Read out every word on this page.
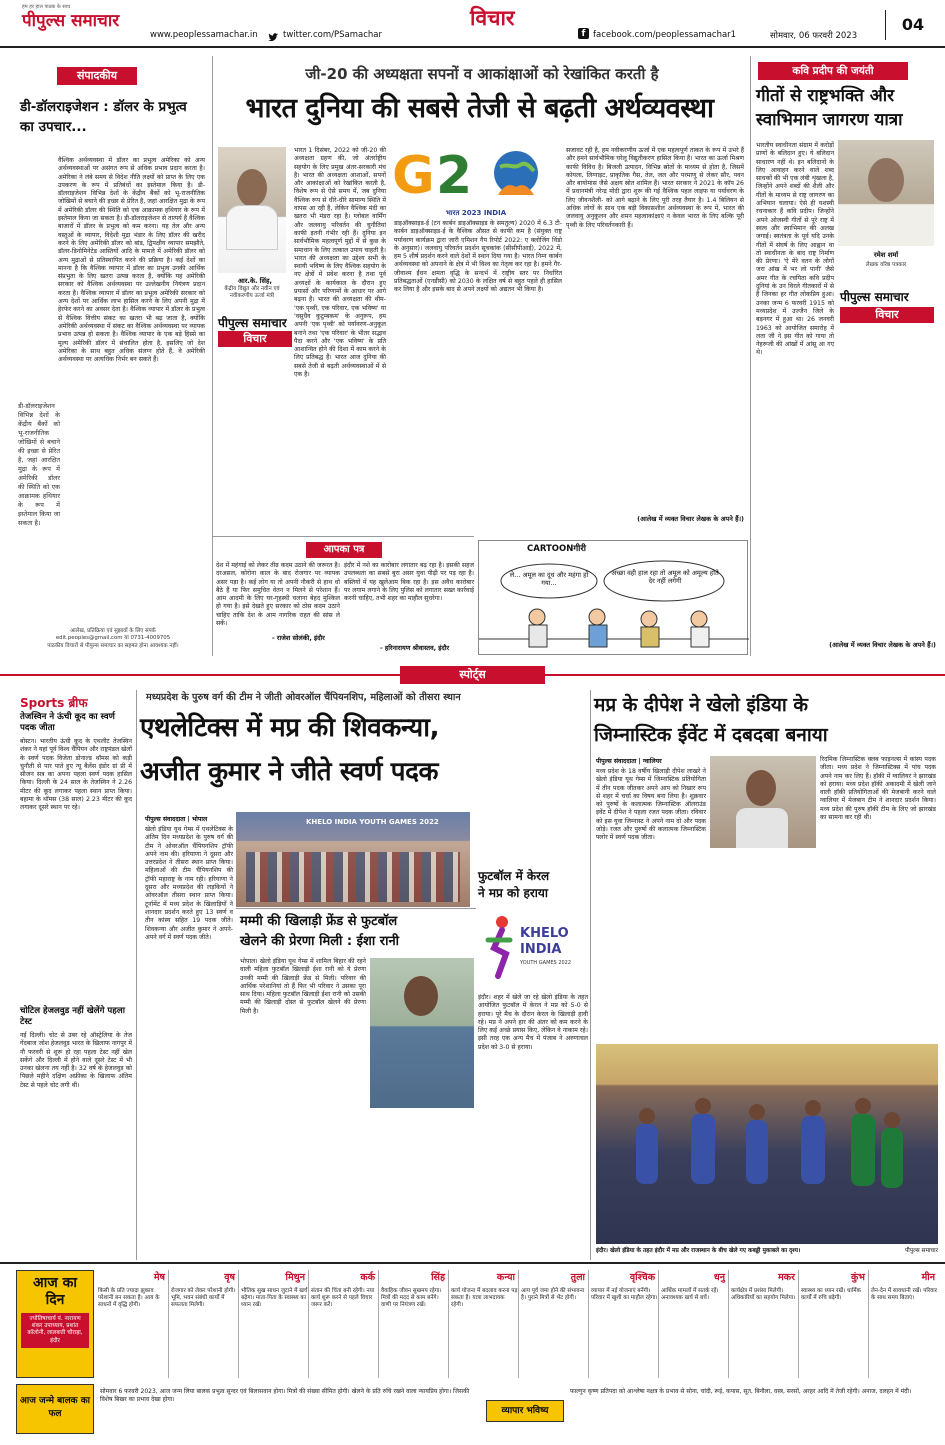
हम हर हाल पाठक के साथ
पीपुल्स समाचार
www.peoplessamachar.in	twitter.com/PSamachar
विचार
f facebook.com/peoplessamachar1	सोमवार, 06 फरवरी 2023
04
संपादकीय
डी-डॉलराइजेशन : डॉलर के प्रभुत्व का उपचार...
वैश्विक अर्थव्यवस्था में डॉलर का प्रभुत्व अमेरिका को अन्य अर्थव्यवस्थाओं पर असंगत रूप से अधिक प्रभाव प्रदान करता है। अमेरिका ने लंबे समय से विदेश नीति लक्ष्यों को प्राप्त के लिए एक उपकरण के रूप में प्रतिबंधों का इस्तेमाल किया है। डी-डॉलराइजेशन विभिन्न देशों के केंद्रीय बैंकों को भू-राजनीतिक जोखिमों से बचाने की इच्छा से प्रेरित है, जहां आरक्षित मुद्रा के रूप में अमेरिकी डॉलर की स्थिति को एक आक्रामक हथियार के रूप में इस्तेमाल किया जा सकता है। डी-डॉलराइजेशन से तात्पर्य है वैश्विक बाजारों में डॉलर के प्रभुत्व को कम करना। यह तेल और अन्य वस्तुओं के व्यापार, विदेशी मुद्रा भंडार के लिए डॉलर की खरीद करने के लिए अमेरिकी डॉलर को बांड, द्विपक्षीय व्यापार समझौते, डॉलर-डिनोमिनेटेड आस्तियों आदि के मामले में अमेरिकी डॉलर को अन्य मुद्राओं से प्रतिस्थापित करने की प्रक्रिया है। कई देशों का मानना है कि वैश्विक व्यापार में डॉलर का प्रभुत्व उनकी आर्थिक संप्रभुता के लिए खतरा उत्पन्न करता है, क्योंकि यह अमेरिकी सरकार को वैश्विक अर्थव्यवस्था पर उल्लेखनीय नियंत्रण प्रदान करता है। वैश्विक व्यापार में डॉलर का प्रभुत्व अमेरिकी सरकार को अन्य देशों पर आर्थिक लाभ हासिल करने के लिए अपनी मुद्रा में हेरफेर करने का अवसर देता है। वैश्विक व्यापार में डॉलर के प्रभुत्व से वैश्विक वित्तीय संकट का खतरा भी बढ़ जाता है, क्योंकि अमेरिकी अर्थव्यवस्था में संकट का वैश्विक अर्थव्यवस्था पर व्यापक प्रभाव उत्पन्न हो सकता है। वैश्विक व्यापार के एक बड़े हिस्से का मूल्य अमेरिकी डॉलर में संचालित होता है, इसलिए जो देश अमेरिका के साथ बहुत अधिक संलग्न होते हैं, वे अमेरिकी अर्थव्यवस्था पर अत्यधिक निर्भर बन सकते हैं।
डी-डॉलराइजेशन विभिन्न देशों के केंद्रीय बैंकों को भू-राजनीतिक जोखिमों से बचाने की इच्छा से प्रेरित है, जहां आरक्षित मुद्रा के रूप में अमेरिकी डॉलर की स्थिति को एक आक्रामक हथियार के रूप में इस्तेमाल किया जा सकता है।
आलेख, प्रतिक्रिया एवं सुझावों के लिए संपर्क
edit.peoples@gmail.com या 0731-4009705
पाठकीय विचारों से पीपुल्स समाचार का सहमत होना आवश्यक नहीं।
जी-20 की अध्यक्षता सपनों व आकांक्षाओं को रेखांकित करती है
भारत दुनिया की सबसे तेजी से बढ़ती अर्थव्यवस्था
आर.के. सिंह,
केंद्रीय विद्युत और नवीन एवं नवीकरणीय ऊर्जा मंत्री
पीपुल्स समाचार
विचार
भारत 1 दिसंबर, 2022 को जी-20 की अध्यक्षता ग्रहण की, जो अंतर्राष्ट्रीय सहयोग के लिए प्रमुख अंतर-सरकारी मंच है। भारत की अध्यक्षता आशाओं, सपनों और आकांक्षाओं को रेखांकित करती है, विशेष रूप से ऐसे समय में, जब दुनिया वैश्विक रूप से धीरे-धीरे सामान्य स्थिति में वापस आ रही है, लेकिन वैश्विक मंदी का खतरा भी मंडरा रहा है। ग्लोबल वार्मिंग और जलवायु परिवर्तन की चुनौतियां काफी इतनी गंभीर रही हैं। दुनिया इन सार्वभौमिक महत्वपूर्ण मुद्दों में से कुछ के समाधान के लिए तत्काल उपाय चाहती है। भारत की अध्यक्षता का उद्देश्य सभी के स्थायी भविष्य के लिए वैश्विक सहयोग के नए क्षेत्रों में प्रवेश करना है तथा पूर्व अध्यक्षों के कार्यकाल के दौरान हुए प्रयासों और परिणामों के आधार पर आगे बढ़ना है। भारत की अध्यक्षता की थीम- 'एक पृथ्वी, एक परिवार, एक भविष्य' या 'वसुधैव कुटुम्बकम' के अनुरूप, हम अपनी 'एक पृथ्वी' को पर्यावरण-अनुकूल बनाने तथा 'एक परिवार' के भीतर सद्भाव पैदा करने और 'एक भविष्य' के प्रति आशान्वित होने की दिशा में काम करने के लिए प्रतिबद्ध हैं। भारत आज दुनिया की सबसे तेजी से बढ़ती अर्थव्यवस्थाओं में से एक है।
G 2
भारत 2023 INDIA
डाइऑक्साइड-ई (टन कार्बन डाइऑक्साइड के समतुल्य) 2020 में 6.3 टी-कार्बन डाइऑक्साइड-ई के वैश्विक औसत से काफी कम है (संयुक्त राष्ट्र पर्यावरण कार्यक्रम द्वारा जारी एमिशन गैप रिपोर्ट 2022: ए क्लोजिंग विंडो के अनुसार)। जलवायु परिवर्तन प्रदर्शन सूचकांक (सीसीपीआई), 2022 में, हम 5 शीर्ष प्रदर्शन करने वाले देशों में स्थान दिया गया है। भारत निम्न कार्बन अर्थव्यवस्था को अपनाने के क्षेत्र में भी विश्व का नेतृत्व कर रहा है। हमने गैर-जीवाश्म ईंधन क्षमता वृद्धि के सन्दर्भ में राष्ट्रीय स्तर पर निर्धारित प्रतिबद्धताओं (एनडीसी) को 2030 के लक्षित वर्ष से बहुत पहले ही हासिल कर लिया है और इसके बाद से अपने लक्ष्यों को अद्यतन भी किया है।
सजावट रही है, हम नवीकरणीय ऊर्जा में एक महत्वपूर्ण ताकत के रूप में उभरे हैं और हमने सार्वभौमिक घरेलू विद्युतीकरण हासिल किया है। भारत का ऊर्जा मिश्रण काफी विविध है। बिजली उत्पादन, विभिन्न स्रोतों के माध्यम से होता है, जिसमें कोयला, लिग्नाइट, प्राकृतिक गैस, तेल, जल और परमाणु से लेकर सौर, पवन और बायोमास जैसे अक्षय स्रोत शामिल हैं। भारत सरकार ने 2021 के कॉप 26 में प्रधानमंत्री नरेन्द्र मोदी द्वारा शुरू की गई वैश्विक पहल लाइफ या पर्यावरण के लिए जीवनशैली- को आगे बढ़ाने के लिए पूरी तरह तैयार है। 1.4 बिलियन से अधिक लोगों के साथ एक बड़ी विकासशील अर्थव्यवस्था के रूप में, भारत की जलवायु अनुकूलन और शमन महत्वाकांक्षाएं न केवल भारत के लिए बल्कि पूरी पृथ्वी के लिए परिवर्तनकारी हैं।
(आलेख में व्यक्त विचार लेखक के अपने हैं।)
आपका पत्र
देश में महंगाई को लेकर तीव्र कदम उठाने की जरूरत है। दरअसल, कोरोना काल के बाद रोजगार पर व्यापक असर पड़ा है। कई लोग या तो अपनी नौकरी से हाथ धो बैठे हैं या फिर समुचित वेतन न मिलने से परेशान हैं। आम आदमी के लिए घर-गृहस्थी चलाना बेहद मुश्किल हो गया है। इसे देखते हुए सरकार को ठोस कदम उठाने चाहिए ताकि देश के आम नागरिक राहत की सांस ले सकें।
- राजेश सोलंकी, इंदौर
इंदौर में नशे का कारोबार लगातार बढ़ रहा है। इसकी सहज उपलब्धता का सबसे बुरा असर युवा पीढ़ी पर पड़ रहा है। बस्तियों में यह खुलेआम बिक रहा है। इस अवैध कारोबार पर लगाम लगाने के लिए पुलिस को लगातार सख्त कार्रवाई करनी चाहिए, तभी शहर का माहौल सुधरेगा।
- हरिनारायण श्रीवास्तव, इंदौर
CARTOONगीरी
ले... अमूल का दूध और महंगा हो गया...
अच्छा वही हाल रहा तो अमूल को अमूल्य होते देर नहीं लगेगी
कवि प्रदीप की जयंती
गीतों से राष्ट्रभक्ति और स्वाभिमान जागरण यात्रा
रमेश शर्मा
लेखक वरिष्ठ पत्रकार
पीपुल्स समाचार
विचार
भारतीय स्वाधीनता संग्राम में करोड़ों प्राणों के बलिदान हुए। ये बलिदान साधारण नहीं थे। इन बलिदानों के लिए आवाहन करने वाले शब्द साधकों की भी एक लंबी शृंखला है, जिन्होंने अपने शब्दों की शैली और गीतों के माध्यम से राष्ट्र जागरण का अभियान चलाया। ऐसे ही यशस्वी रचनाकार हैं कवि प्रदीप। जिन्होंने अपने ओजस्वी गीतों से पूरे राष्ट्र में स्वत्व और स्वाभिमान की अलख जगाई। स्वतंत्रता के पूर्व यदि उनके गीतों में संघर्ष के लिए आह्वान था तो स्वाधीनता के बाद राष्ट्र निर्माण की प्रेरणा। 'ऐ मेरे वतन के लोगों जरा आंख में भर लो पानी' जैसे अमर गीत के रचयिता कवि प्रदीप दुनियां के उन विरले गीतकारों में से हैं जिनका हर गीत लोकप्रिय हुआ। उनका जन्म 6 फरवरी 1915 को मध्यप्रदेश में उज्जैन जिले के बड़नगर में हुआ था। 26 जनवरी 1963 को आयोजित समारोह में लता जी ने इस गीत को गाया तो नेहरूजी की आंखों में आंसू आ गए थे।
(आलेख में व्यक्त विचार लेखक के अपने हैं।)
स्पोर्ट्स
Sports ब्रीफ
तेजस्विन ने ऊंची कूद का स्वर्ण पदक जीता
बोस्टन। भारतीय ऊंची कूद के एथलीट तेजस्विन शंकर ने यहां पूर्व विश्व चैंपियन और राष्ट्रमंडल खेलों के स्वर्ण पदक विजेता डोनाल्ड थॉमस को कड़ी चुनौती से पार पाते हुए न्यू बैलेंस इंडोर ग्रां प्री में सीजन सत्र का अपना पहला स्वर्ण पदक हासिल किया। दिल्ली के 24 साल के तेजस्विन ने 2.26 मीटर की कूद लगाकर पहला स्थान प्राप्त किया। बहामा के थॉमस (38 साल) 2.23 मीटर की कूद लगाकर दूसरे स्थान पर रहे।
चोटिल हेजलवुड नहीं खेलेंगे पहला टेस्ट
नई दिल्ली। चोट से उबर रहे ऑस्ट्रेलिया के तेज गेंदबाज जोश हेजलवुड भारत के खिलाफ नागपुर में नौ फरवरी से शुरू हो रहा पहला टेस्ट नहीं खेल सकेंगे और दिल्ली में होने वाले दूसरे टेस्ट में भी उनका खेलना तय नहीं है। 32 वर्ष के हेजलवुड को पिछले महीने दक्षिण अफ्रीका के खिलाफ अंतिम टेस्ट से पहले चोट लगी थी।
मध्यप्रदेश के पुरुष वर्ग की टीम ने जीती ओवरऑल चैंपियनशिप, महिलाओं को तीसरा स्थान
एथलेटिक्स में मप्र की शिवकन्या,
अजीत कुमार ने जीते स्वर्ण पदक
पीपुल्स संवाददाता | भोपाल
खेलो इंडिया यूथ गेम्स में एथलेटिक्स के अंतिम दिन मध्यप्रदेश के पुरुष वर्ग की टीम ने ओवरऑल चैंपियनशिप ट्रॉफी अपने नाम की। हरियाणा ने दूसरा और उत्तरप्रदेश ने तीसरा स्थान प्राप्त किया। महिलाओं की टीम चैंपियनशिप की ट्रॉफी महाराष्ट्र के नाम रही। हरियाणा ने दूसरा और मध्यप्रदेश की लड़कियों ने ओवरऑल तीसरा स्थान प्राप्त किया। टूर्नामेंट में मध्य प्रदेश के खिलाड़ियों ने शानदार प्रदर्शन करते हुए 13 स्वर्ण व तीन कांस्य सहित 19 पदक जीते। शिवकन्या और अजीत कुमार ने अपने-अपने वर्ग में स्वर्ण पदक जीते।
KHELO INDIA YOUTH GAMES 2022
मम्मी की खिलाड़ी फ्रेंड से फुटबॉल
खेलने की प्रेरणा मिली : ईशा रानी
भोपाल। खेलो इंडिया यूथ गेम्स में शामिल बिहार की रहने वाली महिला फुटबॉल खिलाड़ी ईशा रानी को ये प्रेरणा उनकी मम्मी की खिलाड़ी फ्रेंड से मिली। परिवार की आर्थिक परेशानियां तो हैं फिर भी परिवार ने उसका पूरा साथ दिया। महिला फुटबॉल खिलाड़ी ईशा रानी को उसकी मम्मी की खिलाड़ी दोस्त से फुटबॉल खेलने की प्रेरणा मिली है।
फुटबॉल में केरल
ने मप्र को हराया
KHELO
INDIA
YOUTH GAMES 2022
इंदौर। शहर में खेले जा रहे खेलो इंडिया के तहत आयोजित फुटबॉल में केरल ने मप्र को 5-0 से हराया। पूरे मैच के दौरान केरल के खिलाड़ी हावी रहे। मप्र ने अपने हार की अंतर को कम करने के लिए कई अच्छे प्रयास किए, लेकिन वे नाकाम रहे। इसी तरह एक अन्य मैच में पंजाब ने अरुणाचल प्रदेश को 3-0 से हराया।
मप्र के दीपेश ने खेलो इंडिया के
जिम्नास्टिक ईवेंट में दबदबा बनाया
पीपुल्स संवाददाता | ग्वालियर
मध्य प्रदेश के 18 वर्षीय खिलाड़ी दीपेश लाखरे ने खेलो इंडिया यूथ गेम्स में जिम्नास्टिक प्रतियोगिता में तीन पदक जीतकर अपने आप को निखार रूप से शहर में चर्चा का विषय बना लिया है। शुक्रवार को पुरुषों के कलात्मक जिम्नास्टिक ऑलराउंड इवेंट में दीपेश ने पहला रजत पदक जीता। रविवार को इस युवा जिम्नास्ट ने अपने नाम दो और पदक जोड़े। रजत और पुरुषों की कलात्मक जिम्नास्टिक फ्लोर में स्वर्ण पदक जीता।
रिदमिक जिम्नास्टिक क्लब फाइनल्स में कांस्य पदक जीता। मध्य प्रदेश ने जिम्नास्टिक्स में पांच पदक अपने नाम कर लिए हैं। हॉकी में ग्वालियर ने झारखंड को हराया। मध्य प्रदेश हॉकी अकादमी में खेली जाने वाली हॉकी प्रतियोगिताओं की मेजबानी करने वाले ग्वालियर में मेजबान टीम ने शानदार प्रदर्शन किया। मध्य प्रदेश की पुरुष हॉकी टीम के लिए जो झारखंड का सामना कर रही थी।
इंदौर। खेलो इंडिया के तहत इंदौर में मप्र और राजस्थान के बीच खेले गए कबड्डी मुकाबले का दृश्य।	पीपुल्स समाचार
आज का दिन
ज्योतिषाचार्य पं. नारायण शंकर उपाध्याय, प्रशांत कॉलोनी, लालबत्ती चौराहा, इंदौर
मेष
किसी के प्रति ज्यादा झुकाव परेशानी बन सकता है। आय के साधनों में वृद्धि होगी।
वृष
रोजगार को लेकर परेशानी होगी। भूमि, भवन संबंधी कार्यों में सफलता मिलेगी।
मिथुन
भौतिक सुख साधन जुटाने में खर्च बढ़ेगा। माता-पिता के स्वास्थ्य का ध्यान रखें।
कर्क
संतान की चिंता बनी रहेगी। नया कार्य शुरू करने से पहले विचार जरूर करें।
सिंह
वैवाहिक जीवन सुखमय रहेगा। मित्रों की मदद से काम बनेंगे। वाणी पर नियंत्रण रखें।
कन्या
कार्य योजना में बदलाव करना पड़ सकता है। यात्रा लाभदायक रहेगी।
तुला
आय पूर्व जमा होने की संभावना है। पुराने मित्रों से भेंट होगी।
वृश्चिक
व्यापार में नई योजनाएं बनेंगी। परिवार में खुशी का माहौल रहेगा।
धनु
आर्थिक मामलों में सतर्क रहें। अनावश्यक खर्च से बचें।
मकर
कार्यक्षेत्र में प्रशंसा मिलेगी। अधिकारियों का सहयोग मिलेगा।
कुंभ
स्वास्थ्य का ध्यान रखें। धार्मिक कार्यों में रुचि बढ़ेगी।
मीन
लेन-देन में सावधानी रखें। परिवार के साथ समय बिताएं।
आज जन्मे बालक का फल
सोमवार 6 फरवरी 2023, आज जन्म लिया बालक प्रभुत्व सुन्दर एवं बिलासवान होगा। मित्रों की संख्या सीमित होगी। खेलने के प्रति रुचि रखने वाला न्यायप्रिय होगा। जिसकी विशेष बिखर का प्रभाव देखा होगा।
व्यापार भविष्य
फाल्गुन कृष्ण प्रतिपदा को आश्लेषा नक्षत्र के प्रभाव से सोना, चांदी, रूई, कपास, सूत, बिनौला, वस्त्र, सरसों, अरहर आदि में तेजी रहेगी। अनाज, दलहन में मंदी।
